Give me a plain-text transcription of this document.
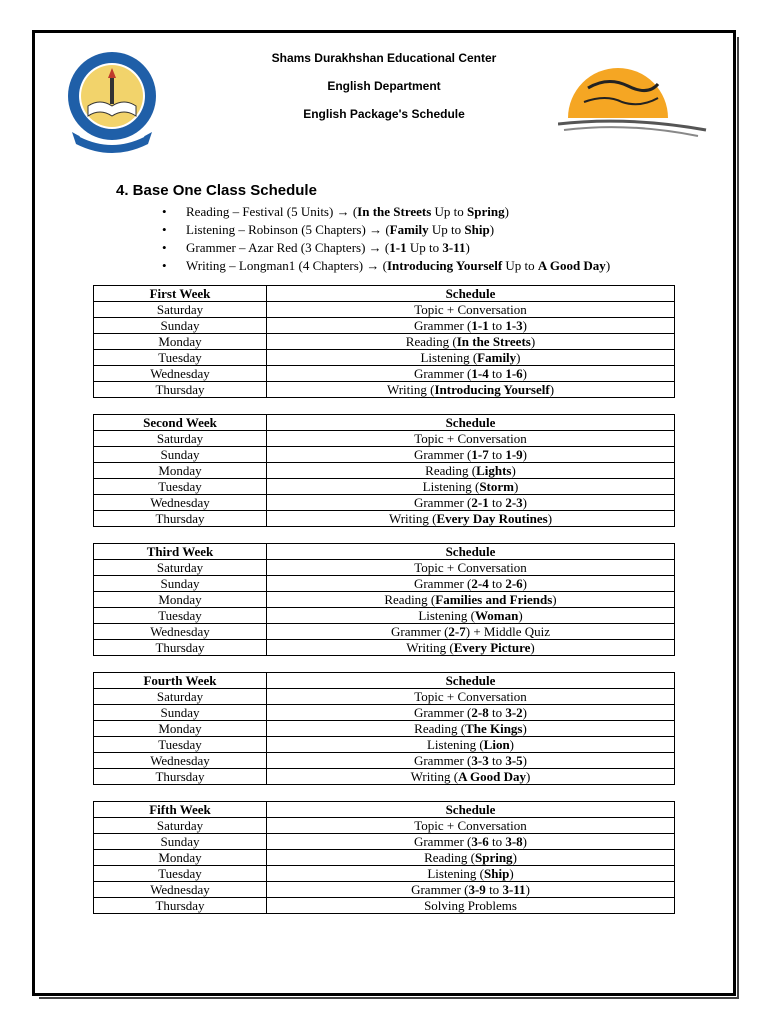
Shams Durakhshan Educational Center
English Department
English Package's Schedule
4. Base One Class Schedule
• Reading – Festival (5 Units) → (In the Streets Up to Spring)
• Listening – Robinson (5 Chapters) → (Family Up to Ship)
• Grammer – Azar Red (3 Chapters) → (1-1 Up to 3-11)
• Writing – Longman1 (4 Chapters) → (Introducing Yourself Up to A Good Day)
First Week	Schedule
Saturday	Topic + Conversation
Sunday	Grammer (1-1 to 1-3)
Monday	Reading (In the Streets)
Tuesday	Listening (Family)
Wednesday	Grammer (1-4 to 1-6)
Thursday	Writing (Introducing Yourself)
Second Week	Schedule
Saturday	Topic + Conversation
Sunday	Grammer (1-7 to 1-9)
Monday	Reading (Lights)
Tuesday	Listening (Storm)
Wednesday	Grammer (2-1 to 2-3)
Thursday	Writing (Every Day Routines)
Third Week	Schedule
Saturday	Topic + Conversation
Sunday	Grammer (2-4 to 2-6)
Monday	Reading (Families and Friends)
Tuesday	Listening (Woman)
Wednesday	Grammer (2-7) + Middle Quiz
Thursday	Writing (Every Picture)
Fourth Week	Schedule
Saturday	Topic + Conversation
Sunday	Grammer (2-8 to 3-2)
Monday	Reading (The Kings)
Tuesday	Listening (Lion)
Wednesday	Grammer (3-3 to 3-5)
Thursday	Writing (A Good Day)
Fifth Week	Schedule
Saturday	Topic + Conversation
Sunday	Grammer (3-6 to 3-8)
Monday	Reading (Spring)
Tuesday	Listening (Ship)
Wednesday	Grammer (3-9 to 3-11)
Thursday	Solving Problems
